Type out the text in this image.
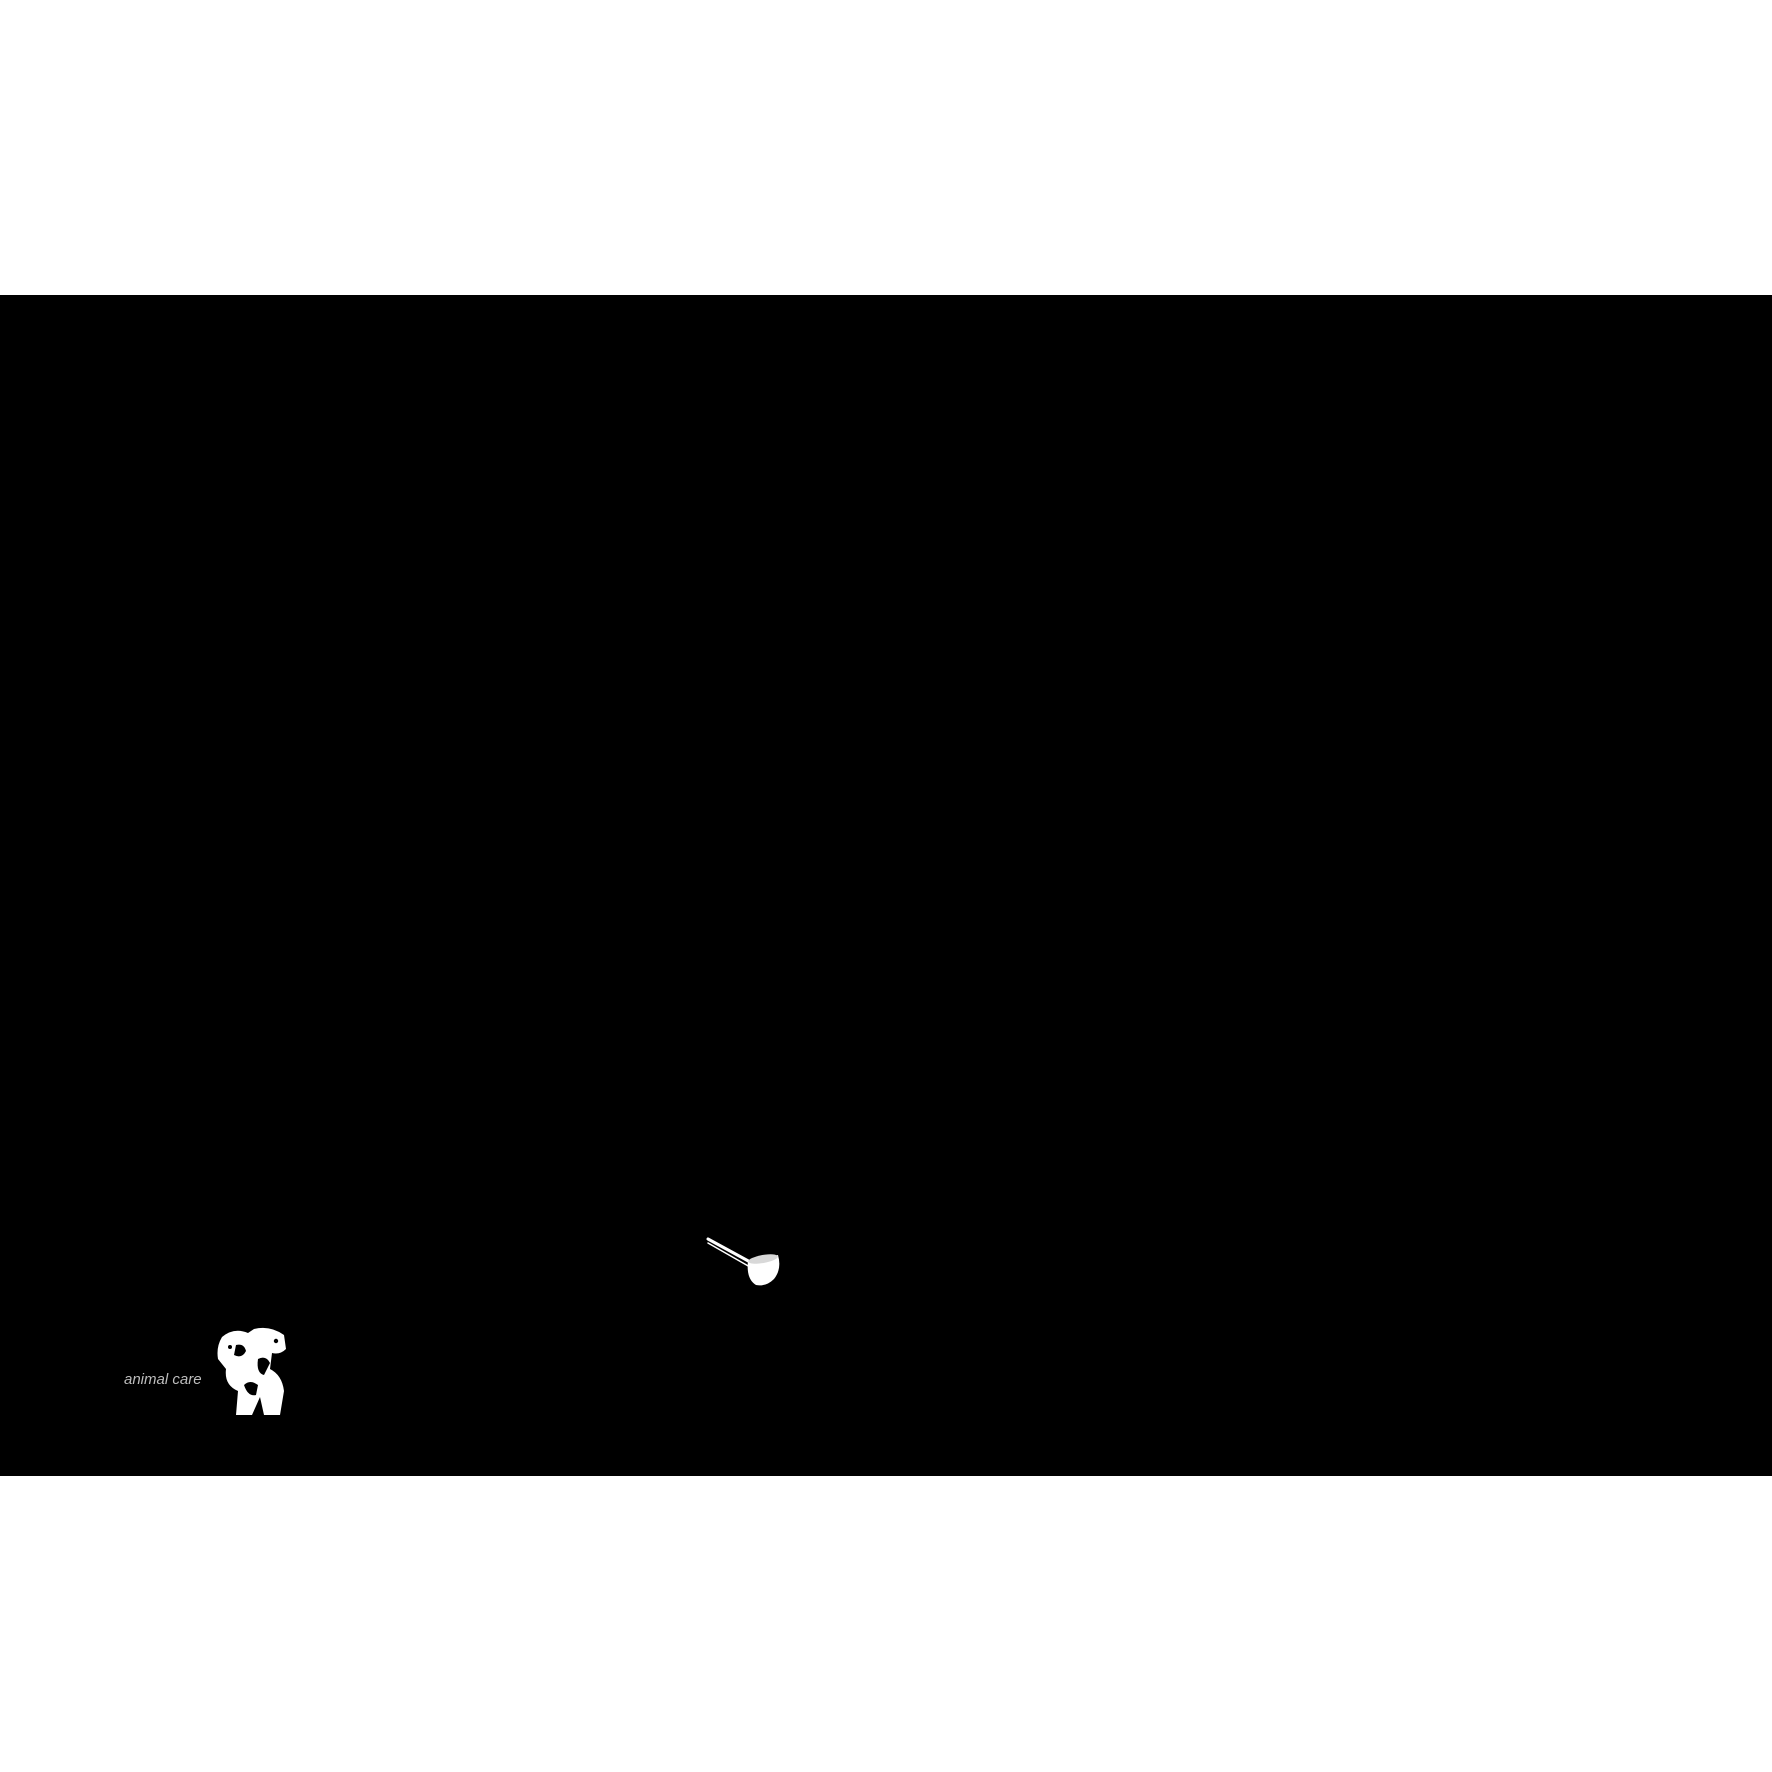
Seaweed Pellets

NL Voedermiddel voor paarden bestaande uit een speciaal geselecteerde mix van bruin-, rood- en groenwieren, die een natuurlijke bron van mineralen, vitaminen, prebiotica, sporenelementen en antioxidanten vormen.
Voederadvies: Paard: 45 gram per dag. Pony: 30 gram per dag.
Veulen: 15 gram per dag.
Samenstelling: Mengsel van 100% zeewier.
Analytische bestanddelen: Ruwe as 34,0%; ruw eiwit 7,0%; ruwe celstof 5,0%; ruw vet 0,5%; natrium 1,0%; vocht 12,0%.
Bewaring: Koel en droog < 25°C. Buiten direct zonlicht. Verpakking sluiten na elk gebruik.

DE Einzelfuttermittel für Pferde, das aus einer speziell ausgewählten Mischung aus Braun-, Rot- und Grünalgen besteht, die eine natürliche Quelle für Mineralien, Vitamine, Präbiotika, Spurenelemente und Antioxidantien darstellen.
Fütterungsempfehlung: Pferd: 45 Gramm pro Tag. Pony: 30 Gramm pro Tag.
Fohlen: 15 Gramm pro Tag.
Zusammensetzung: Mischung aus 100% Meeresalgen.
Analytische Bestandteile: Rohasche 34,0%; Rohprotein 7,0%; Rohfaser 5,0%; Rohfett 0,5%; Natrium 1,0%; Feuchtigkeit 12,0%.
Lagerung: Kühl und trocken < 25°C. Vor direkter Sonneneinstrahlung schützen. Verpackung schließen nach jedem Gebrauch. Mindestens haltbar bis: siehe Barcode.

EN Feed material for horses consisting of a specially selected blend of brown, red and green algae, which are a natural source of minerals, vitamins, prebiotics, trace elements and antioxidants.
Feed instructions: Horse: 45 grams per day. Pony: 30 grams per day.
Foal: 15 grams per day.
Composition: Blend of 100% seaweed.
Analytical constituents: Crude ash 34.0%; crude protein 7.0%; crude fibre 5.0%; crude fat 0.5%; sodium 1.0%; moisture 12.0%.
Storage: Cool and dry < 25°C. Out of direct sunlight. Close packaging after each use. Best before: see barcode.

FR Matière première pour aliments des chevaux composée d’un mélange spécialement sélectionné d’algues brunes, rouges et vertes, qui sont une source naturelle de minéraux, de vitamines, de prébiotiques, d’oligo-éléments et d’antioxydants.
Instructions d’alimentation: Cheval: 45 grammes par jour.
Poney: 30 grammes par jour. Poulain: 15 grammes par jour.
Composition: Mélange composé à 100% d’algues marines.
Constituants analytiques: Cendres brutes 34,0%; protéine brute 7,0%; cellulose brute 5,0%; matières grasses brutes 0,5%; sodium 1,0%; humidité 12,0%.
Conservation: Dans un endroit frais et sec < 25°C. À l’abri des rayons directs du soleil. Fermer l’emballage après chaque utilisation. À utiliser de préférence avant: voir code-barres.

Registration number NVWA/GMP+: NL17352 / GMP047956.
Produced by HACCP guidelines.
GMP+ FSA geborgd / GMP+ FSA gesichert / GMP+ FSA assured / Garanti GMP+ FSA.

±15 g
Hofman
animal care
De Leemkoele 2
7468 DM Enter (The Netherlands)
hofmananimalcare.com
